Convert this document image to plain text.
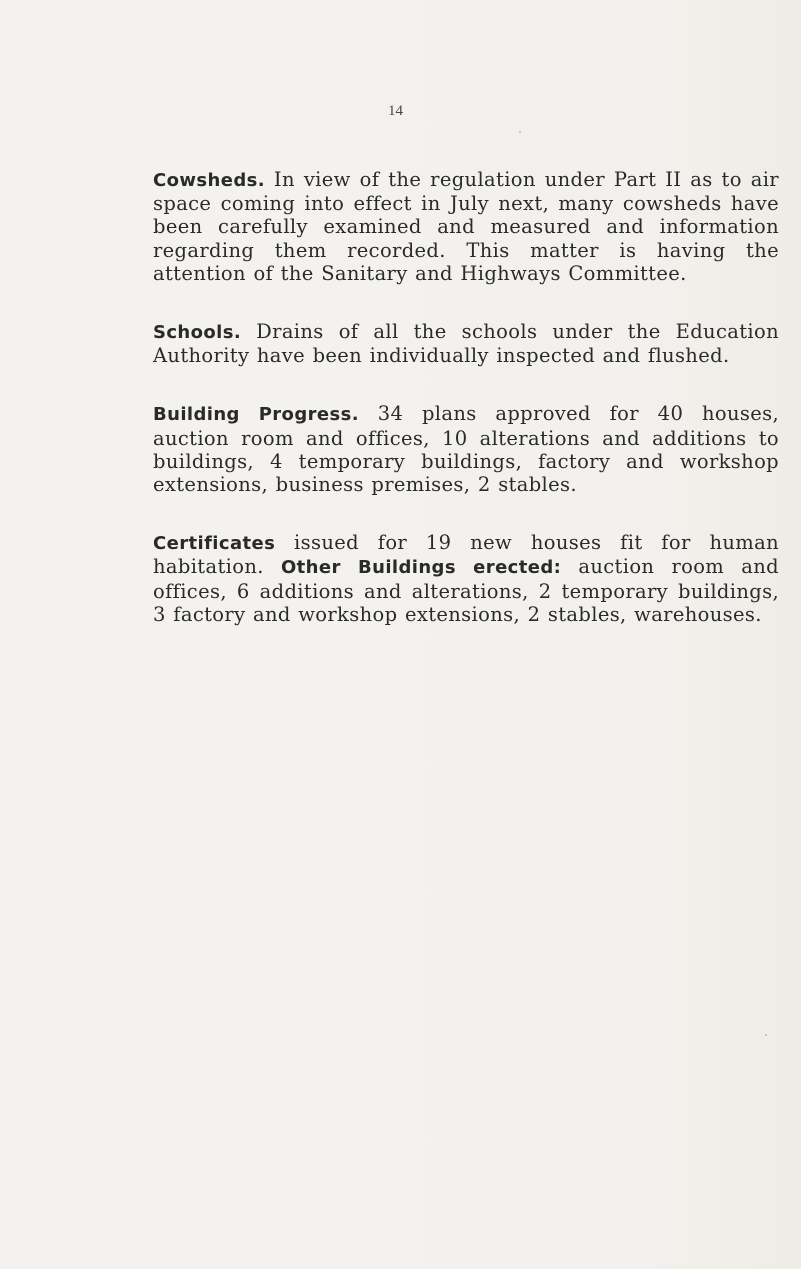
14

Cowsheds. In view of the regulation under Part II as to air space coming into effect in July next, many cowsheds have been carefully examined and measured and information regarding them recorded. This matter is having the attention of the Sanitary and Highways Committee.

Schools. Drains of all the schools under the Education Authority have been individually inspected and flushed.

Building Progress. 34 plans approved for 40 houses, auction room and offices, 10 alterations and additions to buildings, 4 temporary buildings, factory and workshop extensions, business premises, 2 stables.

Certificates issued for 19 new houses fit for human habitation. Other Buildings erected: auction room and offices, 6 additions and alterations, 2 temporary buildings, 3 factory and workshop extensions, 2 stables, warehouses.
